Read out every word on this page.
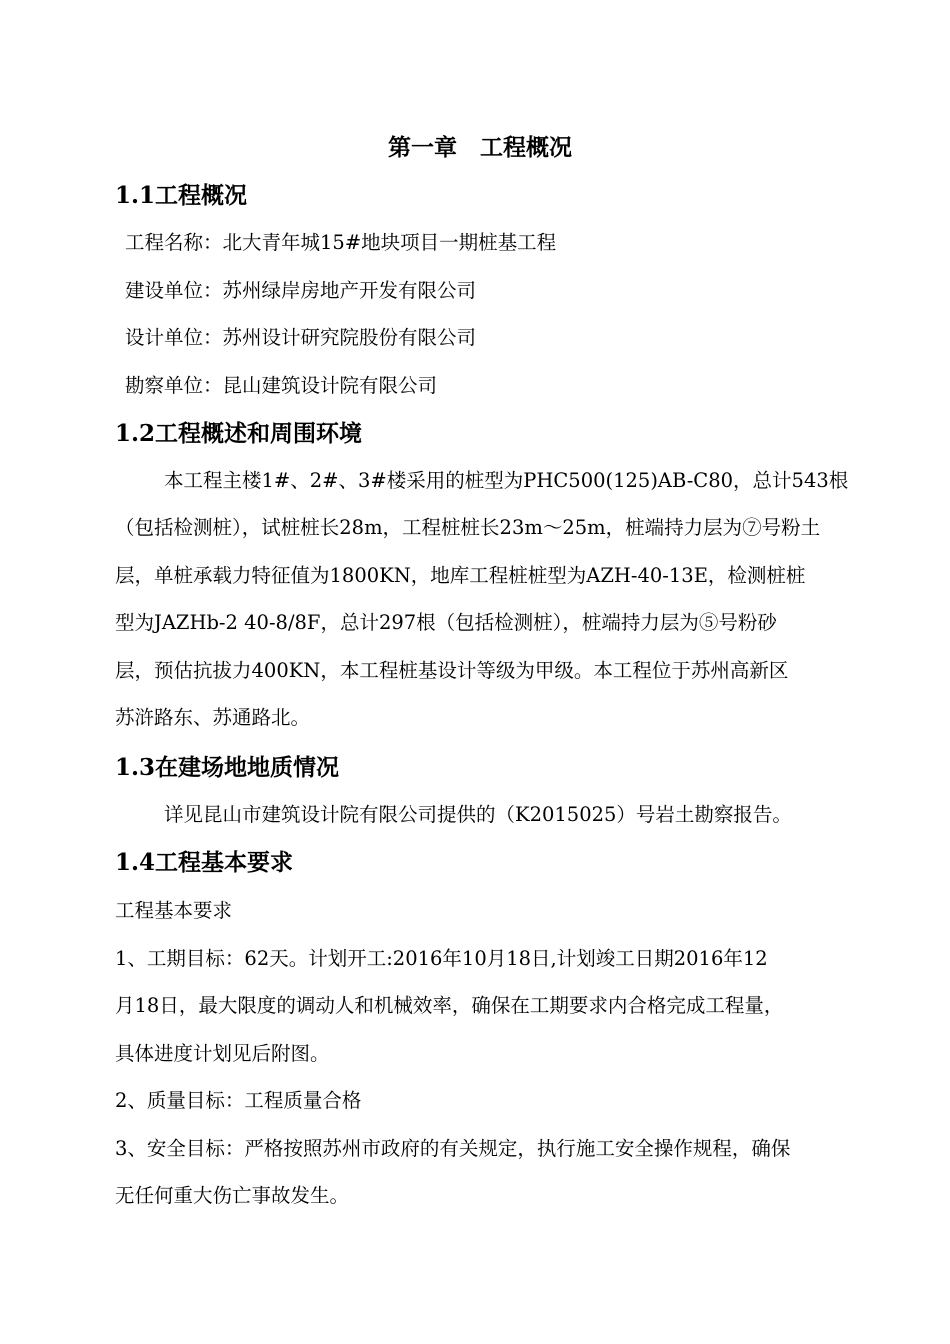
第一章　工程概况
1.1工程概况
工程名称：北大青年城15#地块项目一期桩基工程
建设单位：苏州绿岸房地产开发有限公司
设计单位：苏州设计研究院股份有限公司
勘察单位：昆山建筑设计院有限公司
1.2工程概述和周围环境
本工程主楼1#、2#、3#楼采用的桩型为PHC500(125)AB-C80，总计543根
（包括检测桩），试桩桩长28m，工程桩桩长23m～25m，桩端持力层为⑦号粉土
层，单桩承载力特征值为1800KN，地库工程桩桩型为AZH-40-13E，检测桩桩
型为JAZHb-2 40-8/8F，总计297根（包括检测桩），桩端持力层为⑤号粉砂
层，预估抗拔力400KN，本工程桩基设计等级为甲级。本工程位于苏州高新区
苏浒路东、苏通路北。
1.3在建场地地质情况
详见昆山市建筑设计院有限公司提供的（K2015025）号岩土勘察报告。
1.4工程基本要求
工程基本要求
1、工期目标：62天。计划开工:2016年10月18日,计划竣工日期2016年12
月18日，最大限度的调动人和机械效率，确保在工期要求内合格完成工程量，
具体进度计划见后附图。
2、质量目标：工程质量合格
3、安全目标：严格按照苏州市政府的有关规定，执行施工安全操作规程，确保
无任何重大伤亡事故发生。
